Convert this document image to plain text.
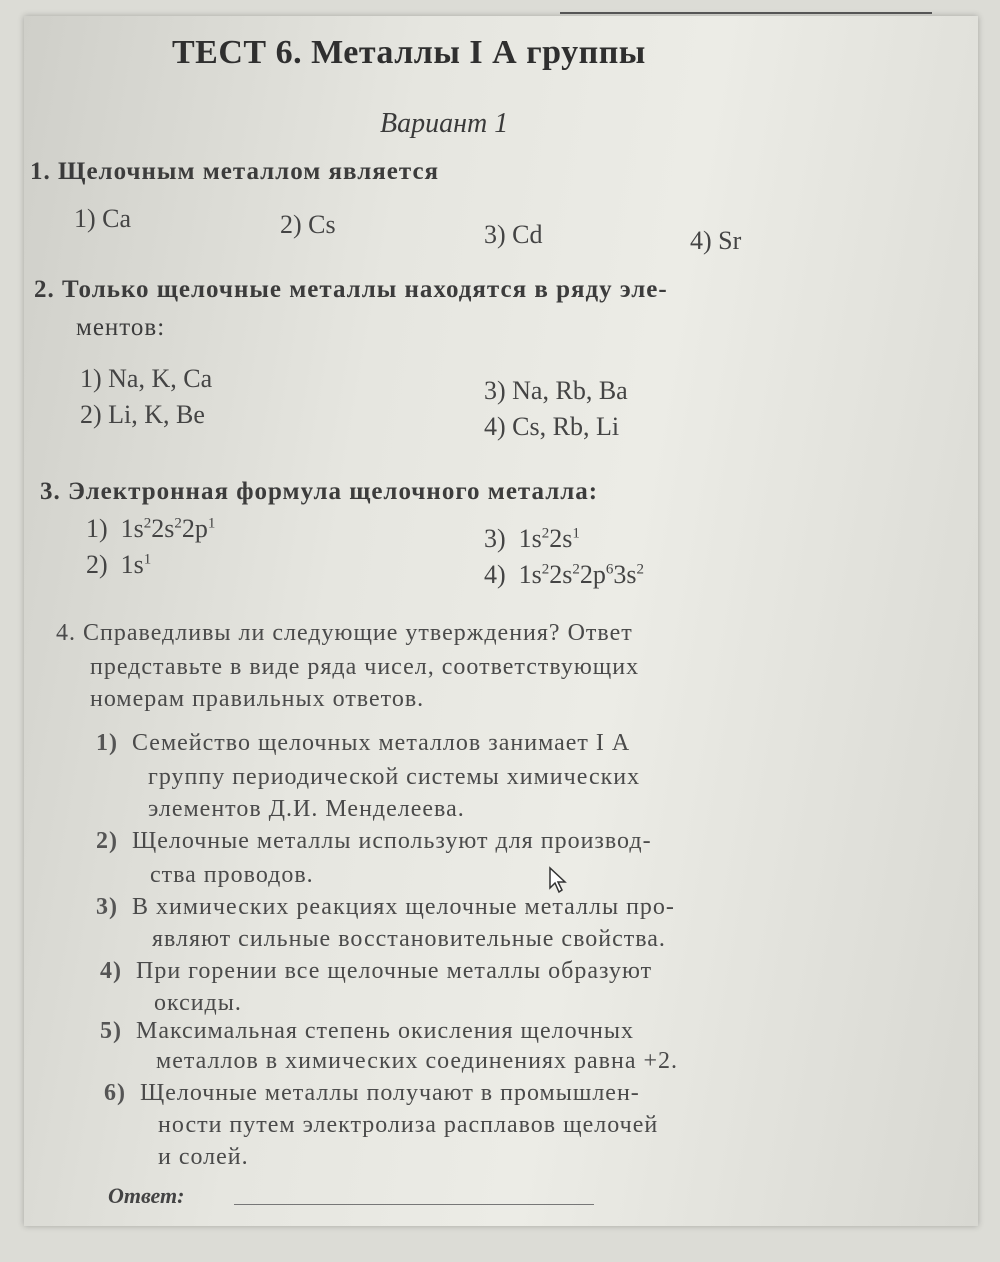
ТЕСТ 6. Металлы I А группы
Вариант 1
1. Щелочным металлом является
1) Ca	2) Cs	3) Cd	4) Sr
2. Только щелочные металлы находятся в ряду эле-
ментов:
1) Na, K, Ca
2) Li, K, Be
3) Na, Rb, Ba
4) Cs, Rb, Li
3. Электронная формула щелочного металла:
1)  $1s^22s^22p^1$
2)  $1s^1$
3)  $1s^22s^1$
4)  $1s^22s^22p^63s^2$
4. Справедливы ли следующие утверждения? Ответ
представьте в виде ряда чисел, соответствующих
номерам правильных ответов.
1) Семейство щелочных металлов занимает I А
группу периодической системы химических
элементов Д.И. Менделеева.
2) Щелочные металлы используют для производ-
ства проводов.
3) В химических реакциях щелочные металлы про-
являют сильные восстановительные свойства.
4) При горении все щелочные металлы образуют
оксиды.
5) Максимальная степень окисления щелочных
металлов в химических соединениях равна +2.
6) Щелочные металлы получают в промышлен-
ности путем электролиза расплавов щелочей
и солей.
Ответ:
